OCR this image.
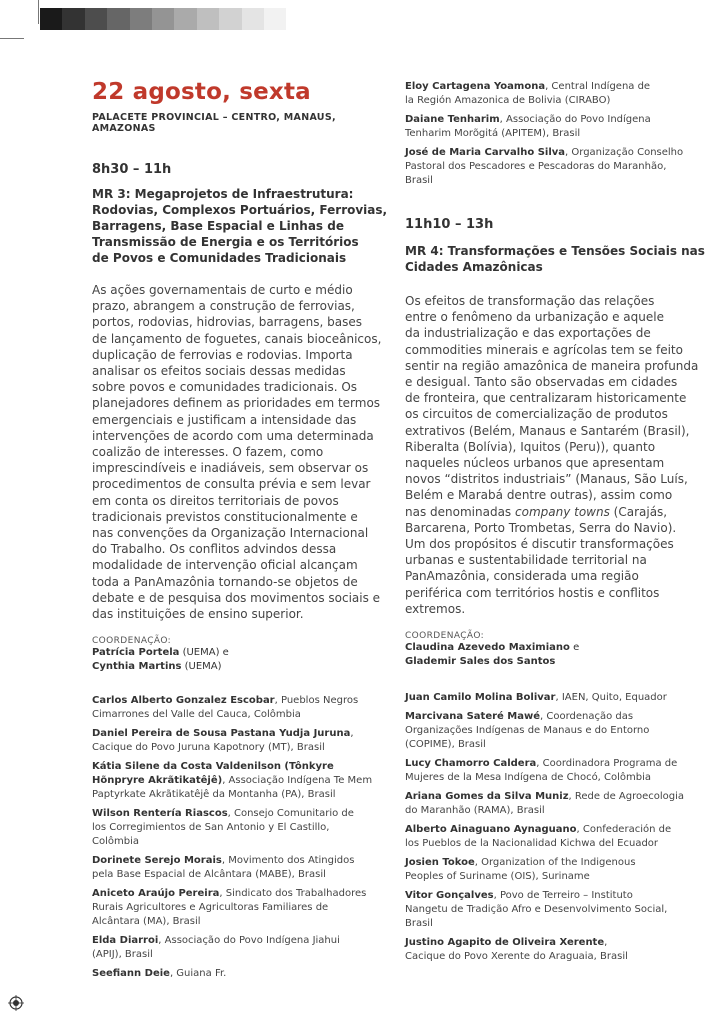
22 agosto, sexta

PALACETE PROVINCIAL – CENTRO, MANAUS, AMAZONAS

8h30 – 11h

MR 3: Megaprojetos de Infraestrutura:
Rodovias, Complexos Portuários, Ferrovias,
Barragens, Base Espacial e Linhas de
Transmissão de Energia e os Territórios
de Povos e Comunidades Tradicionais
As ações governamentais de curto e médio
prazo, abrangem a construção de ferrovias,
portos, rodovias, hidrovias, barragens, bases
de lançamento de foguetes, canais bioceânicos,
duplicação de ferrovias e rodovias. Importa
analisar os efeitos sociais dessas medidas
sobre povos e comunidades tradicionais. Os
planejadores definem as prioridades em termos
emergenciais e justificam a intensidade das
intervenções de acordo com uma determinada
coalizão de interesses. O fazem, como
imprescindíveis e inadiáveis, sem observar os
procedimentos de consulta prévia e sem levar
em conta os direitos territoriais de povos
tradicionais previstos constitucionalmente e
nas convenções da Organização Internacional
do Trabalho. Os conflitos advindos dessa
modalidade de intervenção oficial alcançam
toda a PanAmazônia tornando-se objetos de
debate e de pesquisa dos movimentos sociais e
das instituições de ensino superior.

COORDENAÇÃO:

Patrícia Portela (UEMA) e

Cynthia Martins (UEMA)

Carlos Alberto Gonzalez Escobar, Pueblos Negros
Cimarrones del Valle del Cauca, Colômbia
Daniel Pereira de Sousa Pastana Yudja Juruna,
Cacique do Povo Juruna Kapotnory (MT), Brasil
Kátia Silene da Costa Valdenilson (Tônkyre
Hõnpryre Akrãtikatêjê), Associação Indígena Te Mem
Paptyrkate Akrãtikatêjê da Montanha (PA), Brasil
Wilson Rentería Riascos, Consejo Comunitario de
los Corregimientos de San Antonio y El Castillo,
Colômbia
Dorinete Serejo Morais, Movimento dos Atingidos
pela Base Espacial de Alcântara (MABE), Brasil
Aniceto Araújo Pereira, Sindicato dos Trabalhadores
Rurais Agricultores e Agricultoras Familiares de
Alcântara (MA), Brasil
Elda Diarroi, Associação do Povo Indígena Jiahui
(APIJ), Brasil
Seefiann Deie, Guiana Fr.
Eloy Cartagena Yoamona, Central Indígena de
la Región Amazonica de Bolivia (CIRABO)
Daiane Tenharim, Associação do Povo Indígena
Tenharim Morõgitá (APITEM), Brasil
José de Maria Carvalho Silva, Organização Conselho
Pastoral dos Pescadores e Pescadoras do Maranhão,
Brasil

11h10 – 13h

MR 4: Transformações e Tensões Sociais nas
Cidades Amazônicas
Os efeitos de transformação das relações
entre o fenômeno da urbanização e aquele
da industrialização e das exportações de
commodities minerais e agrícolas tem se feito
sentir na região amazônica de maneira profunda
e desigual. Tanto são observadas em cidades
de fronteira, que centralizaram historicamente
os circuitos de comercialização de produtos
extrativos (Belém, Manaus e Santarém (Brasil),
Riberalta (Bolívia), Iquitos (Peru)), quanto
naqueles núcleos urbanos que apresentam
novos “distritos industriais” (Manaus, São Luís,
Belém e Marabá dentre outras), assim como
nas denominadas company towns (Carajás,
Barcarena, Porto Trombetas, Serra do Navio).
Um dos propósitos é discutir transformações
urbanas e sustentabilidade territorial na
PanAmazônia, considerada uma região
periférica com territórios hostis e conflitos
extremos.

COORDENAÇÃO:

Claudina Azevedo Maximiano e

Glademir Sales dos Santos

Juan Camilo Molina Bolivar, IAEN, Quito, Equador
Marcivana Sateré Mawé, Coordenação das
Organizações Indígenas de Manaus e do Entorno
(COPIME), Brasil
Lucy Chamorro Caldera, Coordinadora Programa de
Mujeres de la Mesa Indígena de Chocó, Colômbia
Ariana Gomes da Silva Muniz, Rede de Agroecologia
do Maranhão (RAMA), Brasil
Alberto Ainaguano Aynaguano, Confederación de
los Pueblos de la Nacionalidad Kichwa del Ecuador
Josien Tokoe, Organization of the Indigenous
Peoples of Suriname (OIS), Suriname
Vitor Gonçalves, Povo de Terreiro – Instituto
Nangetu de Tradição Afro e Desenvolvimento Social,
Brasil
Justino Agapito de Oliveira Xerente,
Cacique do Povo Xerente do Araguaia, Brasil
